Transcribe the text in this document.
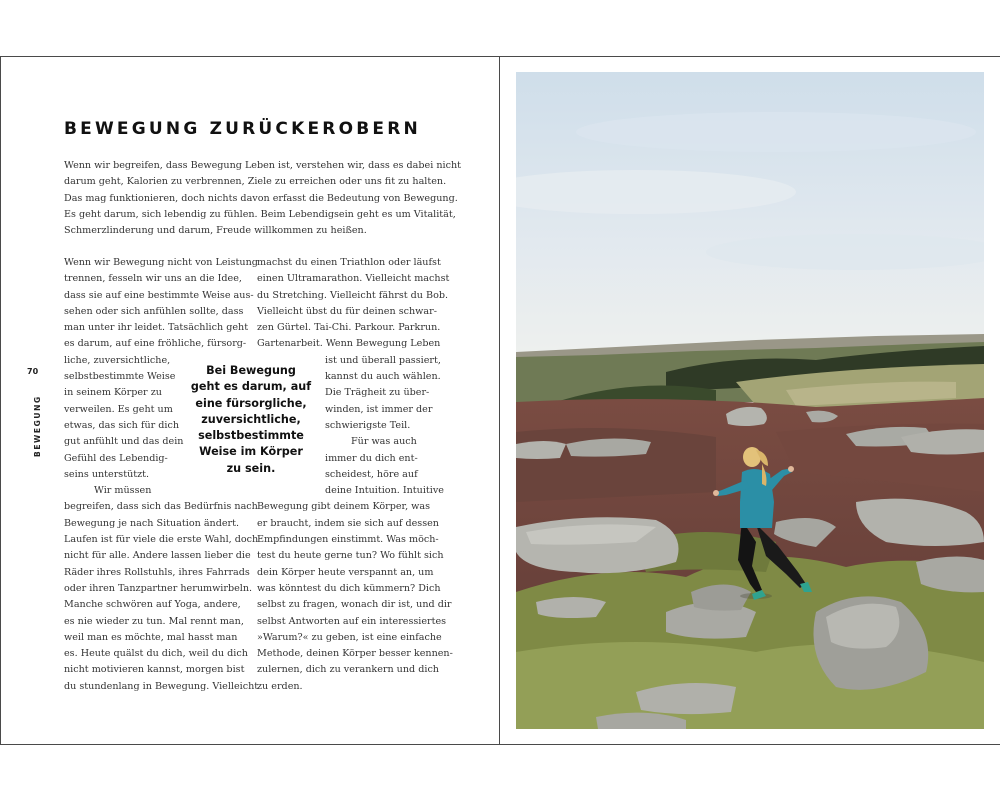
BEWEGUNG ZURÜCKEROBERN
Wenn wir begreifen, dass Bewegung Leben ist, verstehen wir, dass es dabei nicht
darum geht, Kalorien zu verbrennen, Ziele zu erreichen oder uns fit zu halten.
Das mag funktionieren, doch nichts davon erfasst die Bedeutung von Bewegung.
Es geht darum, sich lebendig zu fühlen. Beim Lebendigsein geht es um Vitalität,
Schmerzlinderung und darum, Freude willkommen zu heißen.
Wenn wir Bewegung nicht von Leistung
trennen, fesseln wir uns an die Idee,
dass sie auf eine bestimmte Weise aus-
sehen oder sich anfühlen sollte, dass
man unter ihr leidet. Tatsächlich geht
es darum, auf eine fröhliche, fürsorg-
liche, zuversichtliche,
selbstbestimmte Weise
in seinem Körper zu
verweilen. Es geht um
etwas, das sich für dich
gut anfühlt und das dein
Gefühl des Lebendig-
seins unterstützt.
Wir müssen
begreifen, dass sich das Bedürfnis nach
Bewegung je nach Situation ändert.
Laufen ist für viele die erste Wahl, doch
nicht für alle. Andere lassen lieber die
Räder ihres Rollstuhls, ihres Fahrrads
oder ihren Tanzpartner herumwirbeln.
Manche schwören auf Yoga, andere,
es nie wieder zu tun. Mal rennt man,
weil man es möchte, mal hasst man
es. Heute quälst du dich, weil du dich
nicht motivieren kannst, morgen bist
du stundenlang in Bewegung. Vielleicht
machst du einen Triathlon oder läufst
einen Ultramarathon. Vielleicht machst
du Stretching. Vielleicht fährst du Bob.
Vielleicht übst du für deinen schwar-
zen Gürtel. Tai-Chi. Parkour. Parkrun.
Gartenarbeit. Wenn Bewegung Leben
ist und überall passiert,
kannst du auch wählen.
Die Trägheit zu über-
winden, ist immer der
schwierigste Teil.
Für was auch
immer du dich ent-
scheidest, höre auf
deine Intuition. Intuitive
Bewegung gibt deinem Körper, was
er braucht, indem sie sich auf dessen
Empfindungen einstimmt. Was möch-
test du heute gerne tun? Wo fühlt sich
dein Körper heute verspannt an, um
was könntest du dich kümmern? Dich
selbst zu fragen, wonach dir ist, und dir
selbst Antworten auf ein interessiertes
»Warum?« zu geben, ist eine einfache
Methode, deinen Körper besser kennen-
zulernen, dich zu verankern und dich
zu erden.
Bei Bewegung
geht es darum, auf
eine fürsorgliche,
zuversichtliche,
selbstbestimmte
Weise im Körper
zu sein.
70
BEWEGUNG
